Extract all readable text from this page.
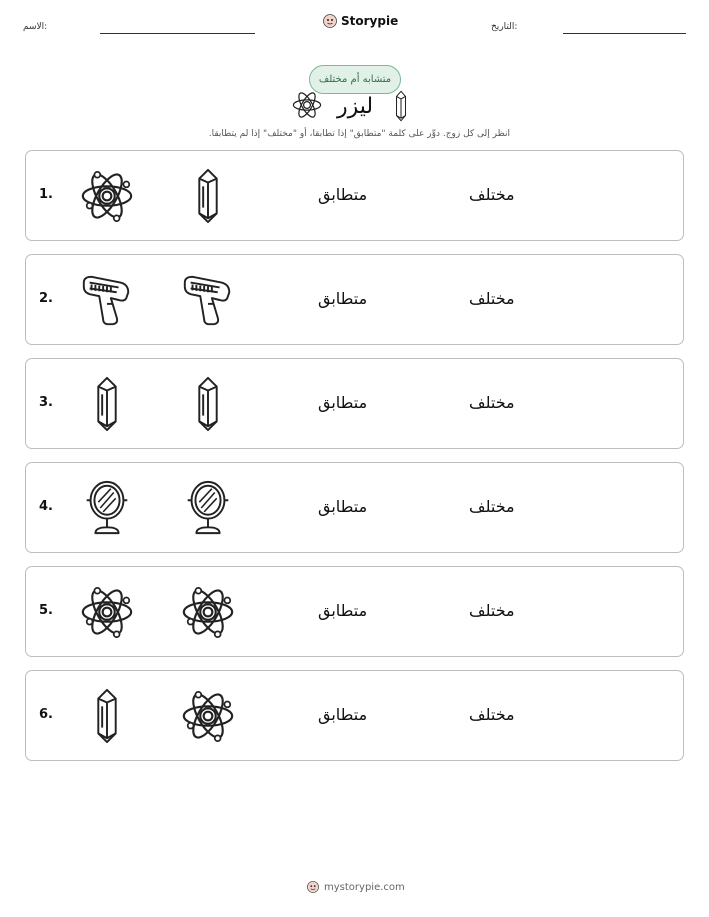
الاسم:	Storypie	التاريخ:
متشابه أم مختلف
ليزر
انظر إلى كل زوج. دوِّر على كلمة "متطابق" إذا تطابقا، أو "مختلف" إذا لم يتطابقا.
1.	متطابق	مختلف
2.	متطابق	مختلف
3.	متطابق	مختلف
4.	متطابق	مختلف
5.	متطابق	مختلف
6.	متطابق	مختلف
mystorypie.com
